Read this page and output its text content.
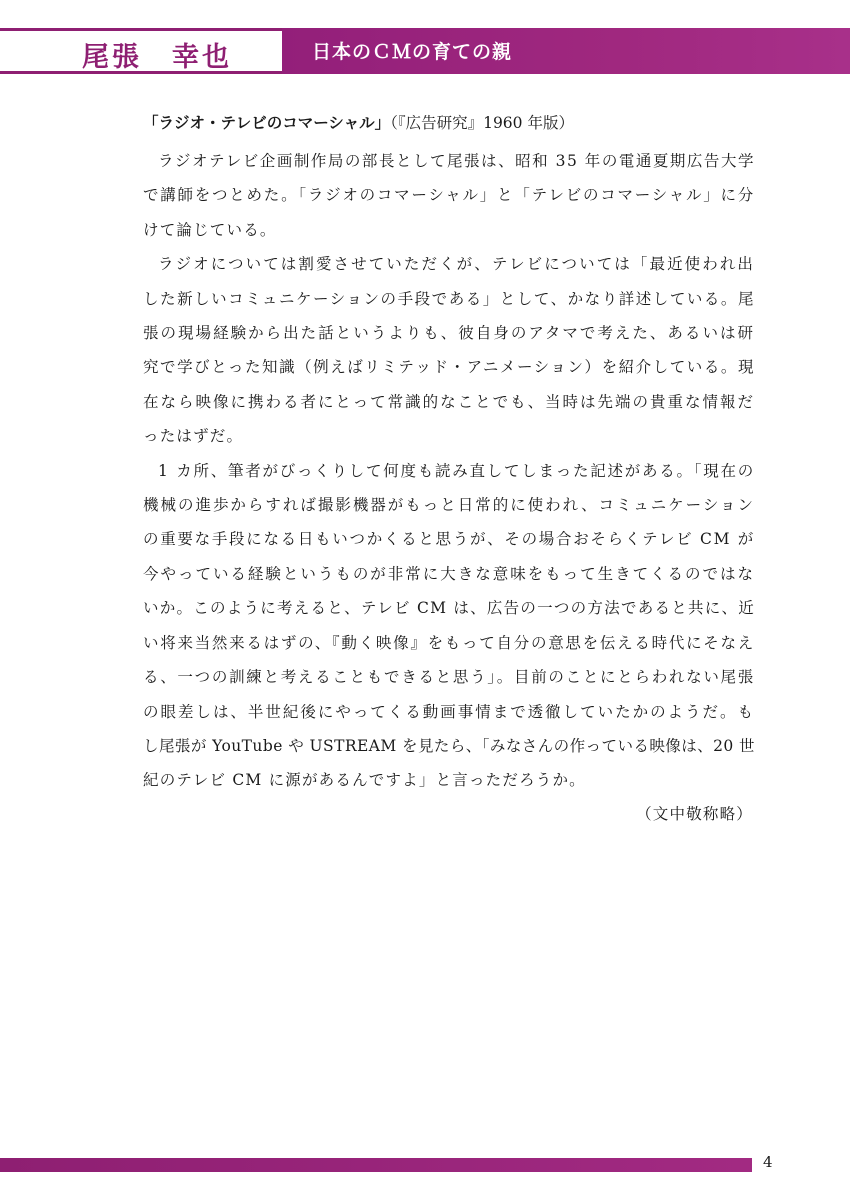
尾張　幸也	日本のＣＭの育ての親
「ラジオ・テレビのコマーシャル」（『広告研究』1960 年版）
ラジオテレビ企画制作局の部長として尾張は、昭和 35 年の電通夏期広告大学
で講師をつとめた。「ラジオのコマーシャル」と「テレビのコマーシャル」に分
けて論じている。
ラジオについては割愛させていただくが、テレビについては「最近使われ出
した新しいコミュニケーションの手段である」として、かなり詳述している。尾
張の現場経験から出た話というよりも、彼自身のアタマで考えた、あるいは研
究で学びとった知識（例えばリミテッド・アニメーション）を紹介している。現
在なら映像に携わる者にとって常識的なことでも、当時は先端の貴重な情報だ
ったはずだ。
1 カ所、筆者がびっくりして何度も読み直してしまった記述がある。「現在の
機械の進歩からすれば撮影機器がもっと日常的に使われ、コミュニケーション
の重要な手段になる日もいつかくると思うが、その場合おそらくテレビ CM が
今やっている経験というものが非常に大きな意味をもって生きてくるのではな
いか。このように考えると、テレビ CM は、広告の一つの方法であると共に、近
い将来当然来るはずの、『動く映像』をもって自分の意思を伝える時代にそなえ
る、一つの訓練と考えることもできると思う」。目前のことにとらわれない尾張
の眼差しは、半世紀後にやってくる動画事情まで透徹していたかのようだ。も
し尾張が YouTube や USTREAM を見たら、「みなさんの作っている映像は、20 世
紀のテレビ CM に源があるんですよ」と言っただろうか。
（文中敬称略）
4
